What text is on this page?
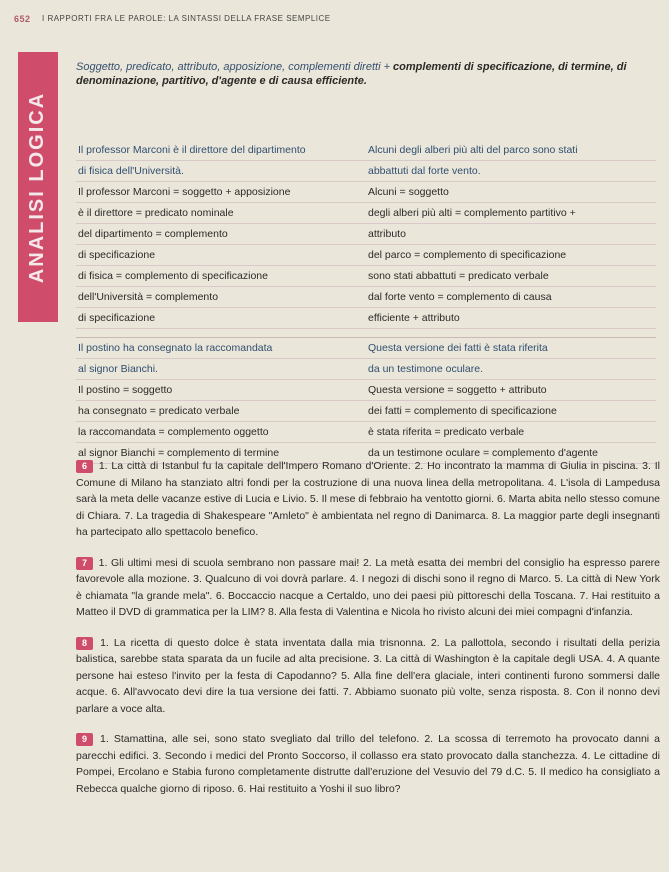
652 I RAPPORTI FRA LE PAROLE: LA SINTASSI DELLA FRASE SEMPLICE
ANALISI LOGICA
Soggetto, predicato, attributo, apposizione, complementi diretti + complementi di specificazione, di termine, di denominazione, partitivo, d'agente e di causa efficiente.
Il professor Marconi è il direttore del dipartimento
di fisica dell'Università.
Il professor Marconi = soggetto + apposizione
è il direttore = predicato nominale
del dipartimento = complemento
di specificazione
di fisica = complemento di specificazione
dell'Università = complemento
di specificazione
Alcuni degli alberi più alti del parco sono stati
abbattuti dal forte vento.
Alcuni = soggetto
degli alberi più alti = complemento partitivo +
attributo
del parco = complemento di specificazione
sono stati abbattuti = predicato verbale
dal forte vento = complemento di causa
efficiente + attributo
Il postino ha consegnato la raccomandata
al signor Bianchi.
Il postino = soggetto
ha consegnato = predicato verbale
la raccomandata = complemento oggetto
al signor Bianchi = complemento di termine
Questa versione dei fatti è stata riferita
da un testimone oculare.
Questa versione = soggetto + attributo
dei fatti = complemento di specificazione
è stata riferita = predicato verbale
da un testimone oculare = complemento d'agente
6 1. La città di Istanbul fu la capitale dell'Impero Romano d'Oriente. 2. Ho incontrato la mamma di Giulia in piscina. 3. Il Comune di Milano ha stanziato altri fondi per la costruzione di una nuova linea della metropolitana. 4. L'isola di Lampedusa sarà la meta delle vacanze estive di Lucia e Livio. 5. Il mese di febbraio ha ventotto giorni. 6. Marta abita nello stesso comune di Chiara. 7. La tragedia di Shakespeare "Amleto" è ambientata nel regno di Danimarca. 8. La maggior parte degli insegnanti ha partecipato allo spettacolo benefico.
7 1. Gli ultimi mesi di scuola sembrano non passare mai! 2. La metà esatta dei membri del consiglio ha espresso parere favorevole alla mozione. 3. Qualcuno di voi dovrà parlare. 4. I negozi di dischi sono il regno di Marco. 5. La città di New York è chiamata "la grande mela". 6. Boccaccio nacque a Certaldo, uno dei paesi più pittoreschi della Toscana. 7. Hai restituito a Matteo il DVD di grammatica per la LIM? 8. Alla festa di Valentina e Nicola ho rivisto alcuni dei miei compagni d'infanzia.
8 1. La ricetta di questo dolce è stata inventata dalla mia trisnonna. 2. La pallottola, secondo i risultati della perizia balistica, sarebbe stata sparata da un fucile ad alta precisione. 3. La città di Washington è la capitale degli USA. 4. A quante persone hai esteso l'invito per la festa di Capodanno? 5. Alla fine dell'era glaciale, interi continenti furono sommersi dalle acque. 6. All'avvocato devi dire la tua versione dei fatti. 7. Abbiamo suonato più volte, senza risposta. 8. Con il nonno devi parlare a voce alta.
9 1. Stamattina, alle sei, sono stato svegliato dal trillo del telefono. 2. La scossa di terremoto ha provocato danni a parecchi edifici. 3. Secondo i medici del Pronto Soccorso, il collasso era stato provocato dalla stanchezza. 4. Le cittadine di Pompei, Ercolano e Stabia furono completamente distrutte dall'eruzione del Vesuvio del 79 d.C. 5. Il medico ha consigliato a Rebecca qualche giorno di riposo. 6. Hai restituito a Yoshi il suo libro?
